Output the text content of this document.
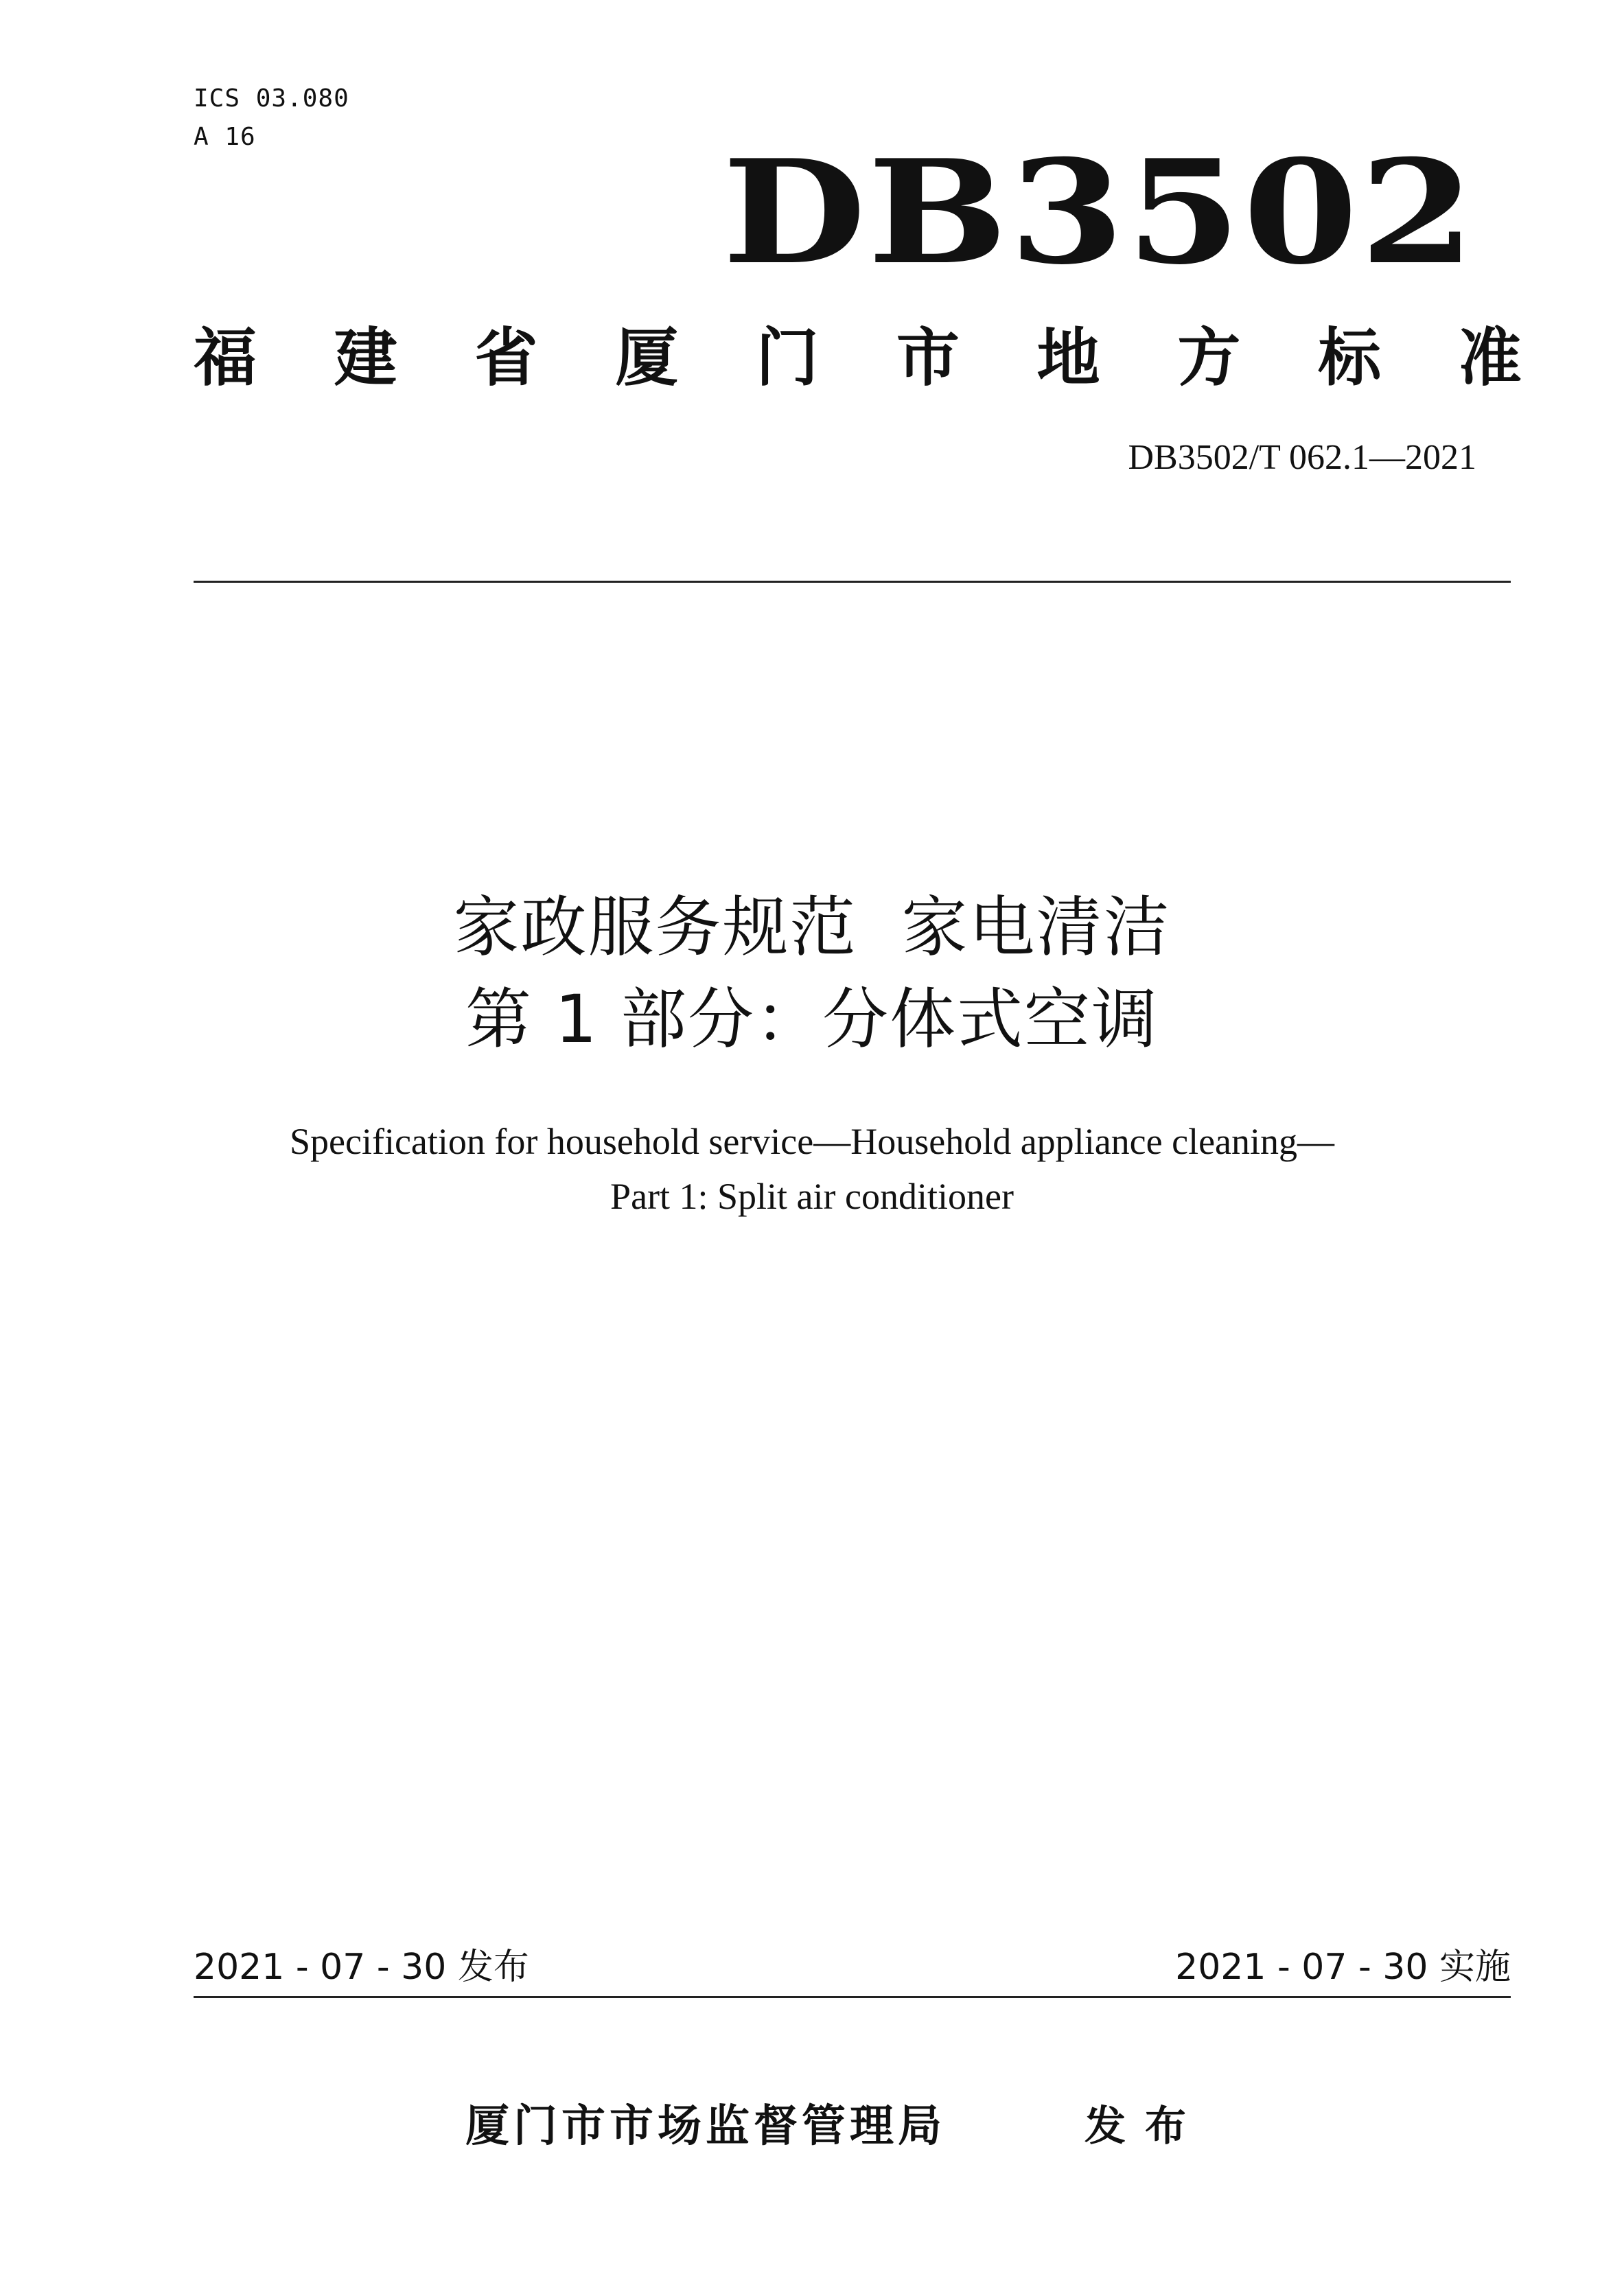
ICS 03.080
A 16	DB3502
福 建 省 厦 门 市 地 方 标 准
DB3502/T 062.1—2021
家政服务规范  家电清洁
第 1 部分：分体式空调
Specification for household service—Household appliance cleaning—
Part 1: Split air conditioner
2021 - 07 - 30 发布	2021 - 07 - 30 实施
厦门市市场监督管理局	发布
